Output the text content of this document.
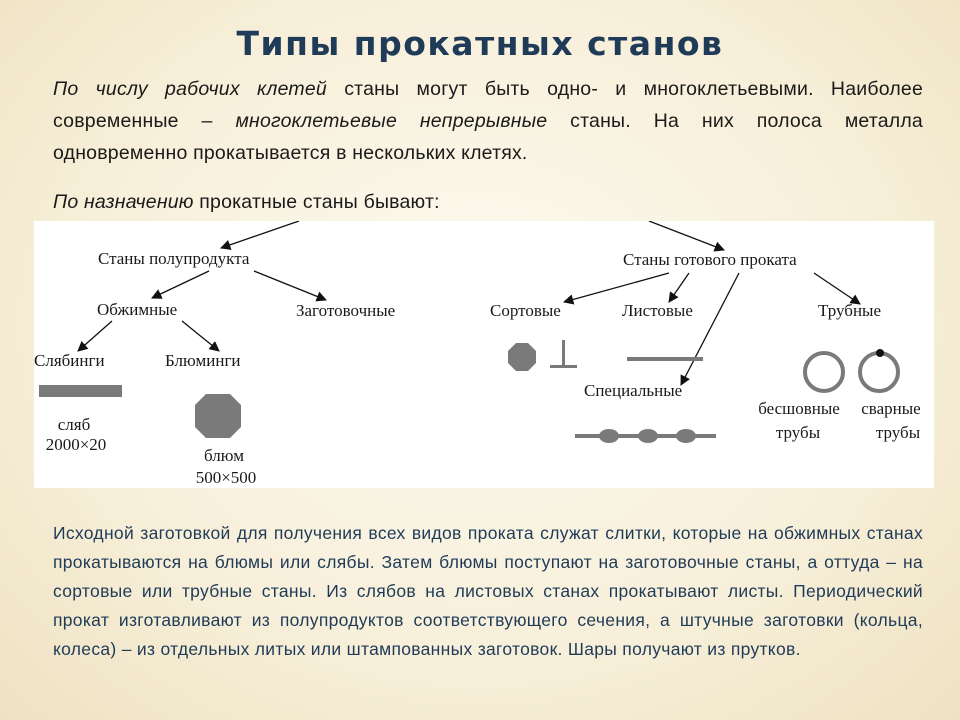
Типы прокатных станов
По числу рабочих клетей станы могут быть одно- и многоклетьевыми. Наиболее современные – многоклетьевые непрерывные станы. На них полоса металла одновременно прокатывается в нескольких клетях.
По назначению прокатные станы бывают:
Станы полупродукта	Станы готового проката
Обжимные	Заготовочные	Сортовые	Листовые	Трубные
Слябинги	Блюминги
Специальные
сляб
2000×20
блюм
500×500
бесшовные
трубы
сварные
трубы
Исходной заготовкой для получения всех видов проката служат слитки, которые на обжимных станах прокатываются на блюмы или слябы. Затем блюмы поступают на заготовочные станы, а оттуда – на сортовые или трубные станы. Из слябов на листовых станах прокатывают листы. Периодический прокат изготавливают из полупродуктов соответствующего сечения, а штучные заготовки (кольца, колеса) – из отдельных литых или штампованных заготовок. Шары получают из прутков.
